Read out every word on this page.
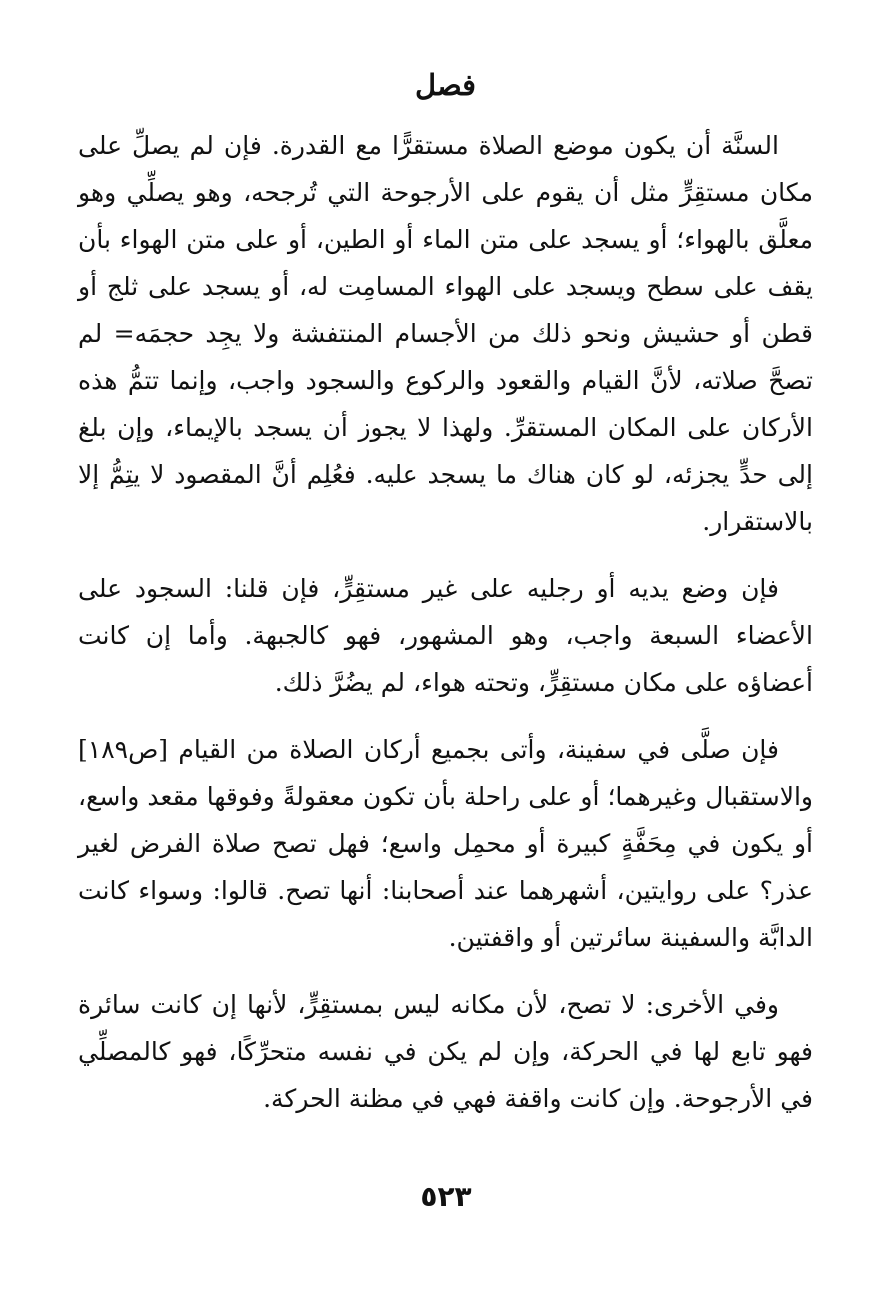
فصل

السنَّة أن يكون موضع الصلاة مستقرًّا مع القدرة. فإن لم يصلِّ على مكان مستقِرٍّ مثل أن يقوم على الأرجوحة التي تُرجحه، وهو يصلِّي وهو معلَّق بالهواء؛ أو يسجد على متن الماء أو الطين، أو على متن الهواء بأن يقف على سطح ويسجد على الهواء المسامِت له، أو يسجد على ثلج أو قطن أو حشيش ونحو ذلك من الأجسام المنتفشة ولا يجِد حجمَه= لم تصحَّ صلاته، لأنَّ القيام والقعود والركوع والسجود واجب، وإنما تتمُّ هذه الأركان على المكان المستقرِّ. ولهذا لا يجوز أن يسجد بالإيماء، وإن بلغ إلى حدٍّ يجزئه، لو كان هناك ما يسجد عليه. فعُلِم أنَّ المقصود لا يتِمُّ إلا بالاستقرار.

فإن وضع يديه أو رجليه على غير مستقِرٍّ، فإن قلنا: السجود على الأعضاء السبعة واجب، وهو المشهور، فهو كالجبهة. وأما إن كانت أعضاؤه على مكان مستقِرٍّ، وتحته هواء، لم يضُرَّ ذلك.

فإن صلَّى في سفينة، وأتى بجميع أركان الصلاة من القيام [ص١٨٩] والاستقبال وغيرهما؛ أو على راحلة بأن تكون معقولةً وفوقها مقعد واسع، أو يكون في مِحَفَّةٍ كبيرة أو محمِل واسع؛ فهل تصح صلاة الفرض لغير عذر؟ على روايتين، أشهرهما عند أصحابنا: أنها تصح. قالوا: وسواء كانت الدابَّة والسفينة سائرتين أو واقفتين.

وفي الأخرى: لا تصح، لأن مكانه ليس بمستقِرٍّ، لأنها إن كانت سائرة فهو تابع لها في الحركة، وإن لم يكن في نفسه متحرِّكًا، فهو كالمصلِّي في الأرجوحة. وإن كانت واقفة فهي في مظنة الحركة.

٥٢٣
